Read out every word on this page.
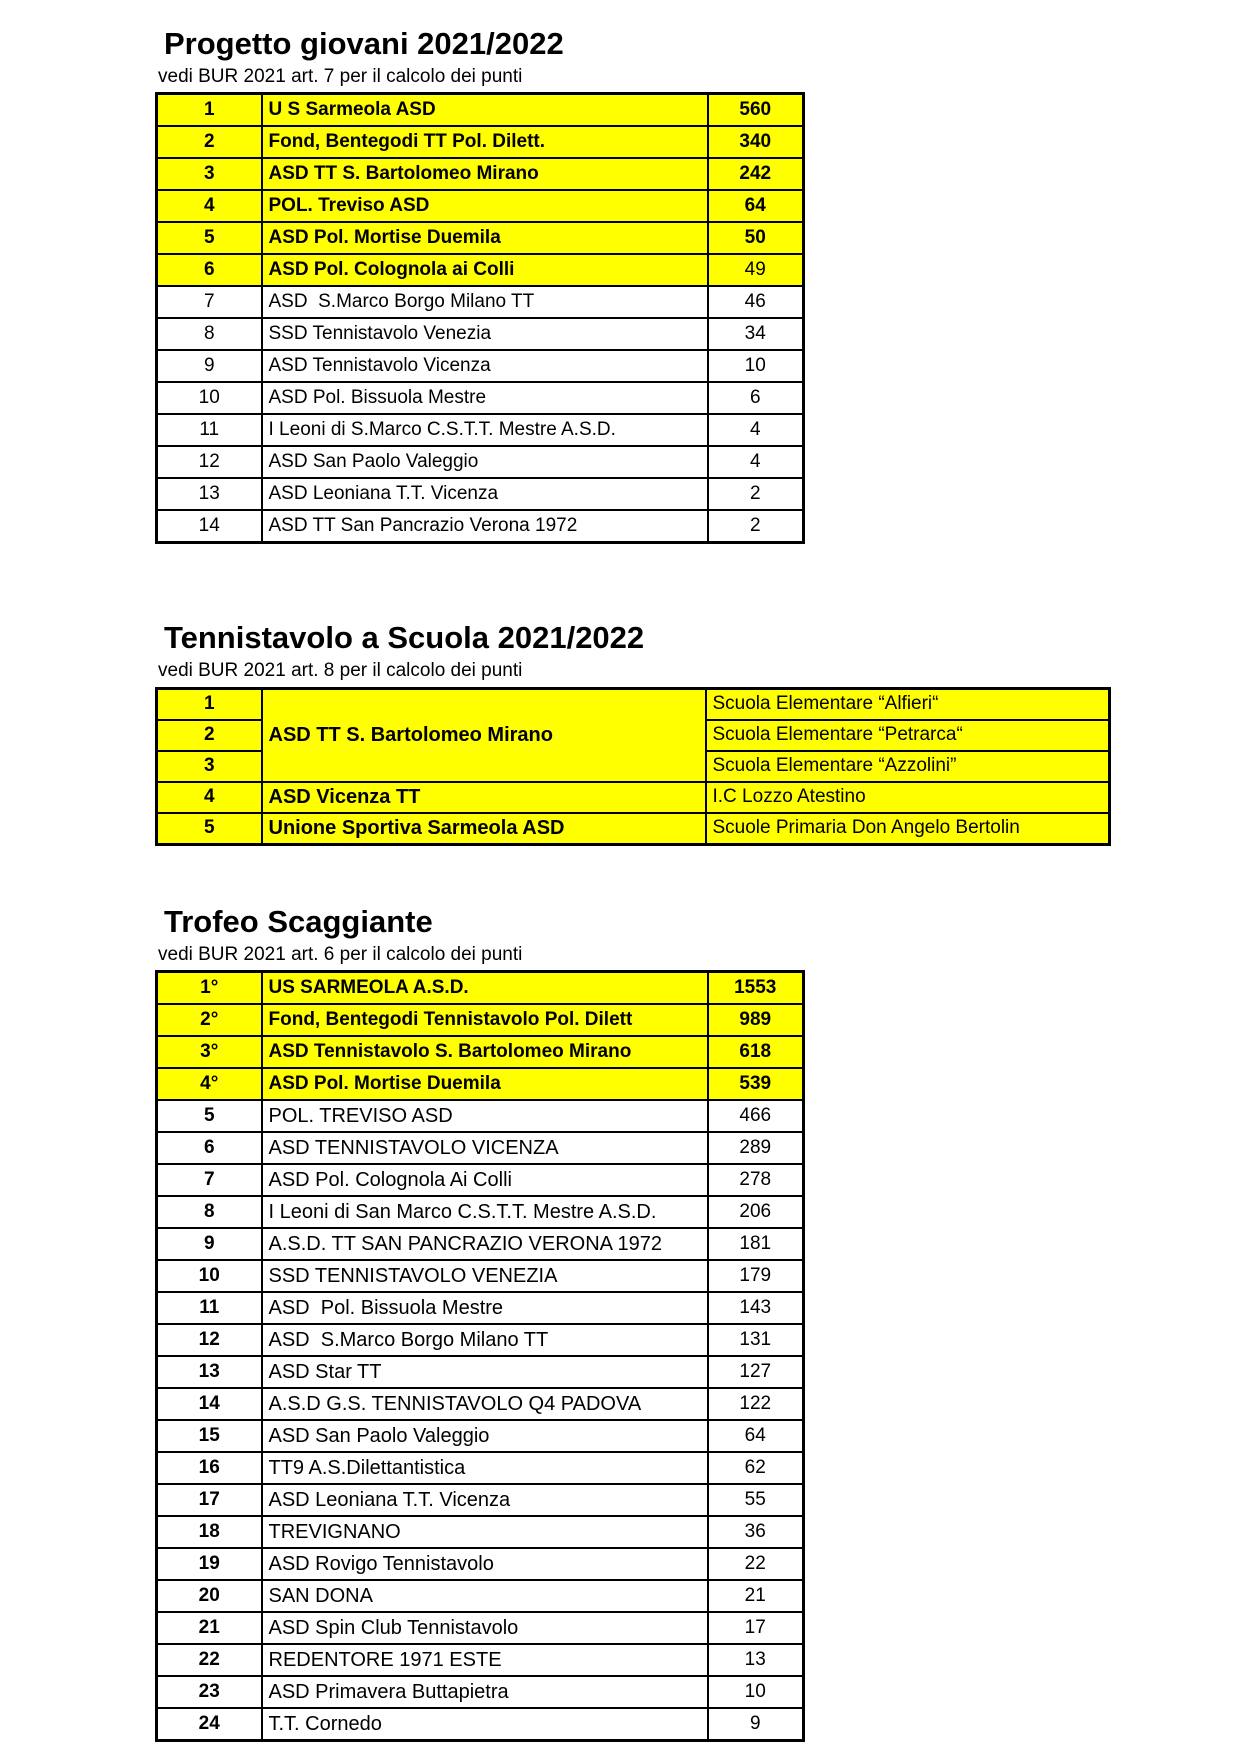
Progetto giovani 2021/2022

vedi BUR 2021 art. 7 per il calcolo dei punti

1	U S Sarmeola ASD	560
2	Fond, Bentegodi TT Pol. Dilett.	340
3	ASD TT S. Bartolomeo Mirano	242
4	POL. Treviso ASD	64
5	ASD Pol. Mortise Duemila	50
6	ASD Pol. Colognola ai Colli	49
7	ASD  S.Marco Borgo Milano TT	46
8	SSD Tennistavolo Venezia	34
9	ASD Tennistavolo Vicenza	10
10	ASD Pol. Bissuola Mestre	6
11	I Leoni di S.Marco C.S.T.T. Mestre A.S.D.	4
12	ASD San Paolo Valeggio	4
13	ASD Leoniana T.T. Vicenza	2
14	ASD TT San Pancrazio Verona 1972	2
Tennistavolo a Scuola 2021/2022

vedi BUR 2021 art. 8 per il calcolo dei punti

1	ASD TT S. Bartolomeo Mirano	Scuola Elementare “Alfieri“
2		Scuola Elementare “Petrarca“
3		Scuola Elementare “Azzolini”
4	ASD Vicenza TT	I.C Lozzo Atestino
5	Unione Sportiva Sarmeola ASD	Scuole Primaria Don Angelo Bertolin
Trofeo Scaggiante

vedi BUR 2021 art. 6 per il calcolo dei punti

1°	US SARMEOLA A.S.D.	1553
2°	Fond, Bentegodi Tennistavolo Pol. Dilett	989
3°	ASD Tennistavolo S. Bartolomeo Mirano	618
4°	ASD Pol. Mortise Duemila	539
5	POL. TREVISO ASD	466
6	ASD TENNISTAVOLO VICENZA	289
7	ASD Pol. Colognola Ai Colli	278
8	I Leoni di San Marco C.S.T.T. Mestre A.S.D.	206
9	A.S.D. TT SAN PANCRAZIO VERONA 1972	181
10	SSD TENNISTAVOLO VENEZIA	179
11	ASD  Pol. Bissuola Mestre	143
12	ASD  S.Marco Borgo Milano TT	131
13	ASD Star TT	127
14	A.S.D G.S. TENNISTAVOLO Q4 PADOVA	122
15	ASD San Paolo Valeggio	64
16	TT9 A.S.Dilettantistica	62
17	ASD Leoniana T.T. Vicenza	55
18	TREVIGNANO	36
19	ASD Rovigo Tennistavolo	22
20	SAN DONA	21
21	ASD Spin Club Tennistavolo	17
22	REDENTORE 1971 ESTE	13
23	ASD Primavera Buttapietra	10
24	T.T. Cornedo	9
